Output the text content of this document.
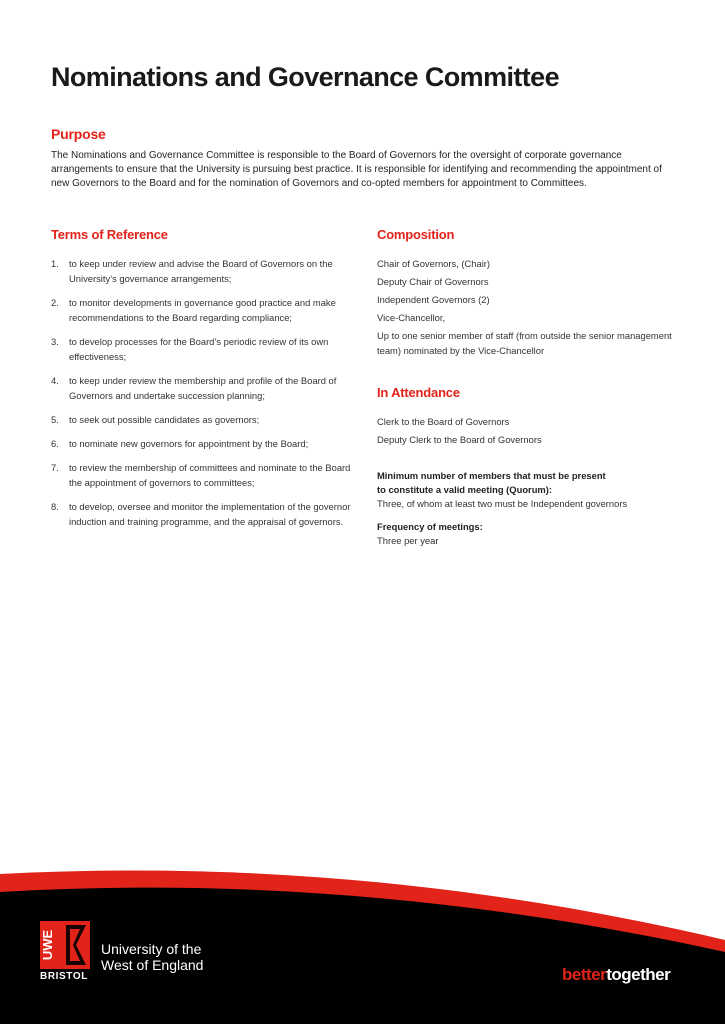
Nominations and Governance Committee
Purpose

The Nominations and Governance Committee is responsible to the Board of Governors for the oversight of corporate governance arrangements to ensure that the University is pursuing best practice. It is responsible for identifying and recommending the appointment of new Governors to the Board and for the nomination of Governors and co-opted members for appointment to Committees.

Terms of Reference
1.	to keep under review and advise the Board of Governors on the University’s governance arrangements;
2.	to monitor developments in governance good practice and make recommendations to the Board regarding compliance;
3.	to develop processes for the Board’s periodic review of its own effectiveness;
4.	to keep under review the membership and profile of the Board of Governors and undertake succession planning;
5.	to seek out possible candidates as governors;
6.	to nominate new governors for appointment by the Board;
7.	to review the membership of committees and nominate to the Board the appointment of governors to committees;
8.	to develop, oversee and monitor the implementation of the governor induction and training programme, and the appraisal of governors.
Composition
Chair of Governors, (Chair)
Deputy Chair of Governors
Independent Governors (2)
Vice-Chancellor,
Up to one senior member of staff (from outside the senior management team) nominated by the Vice-Chancellor
In Attendance
Clerk to the Board of Governors
Deputy Clerk to the Board of Governors

Minimum number of members that must be present

to constitute a valid meeting (Quorum):

Three, of whom at least two must be Independent governors

Frequency of meetings:

Three per year

UWE
BRISTOL
University of the
West of England	bettertogether
